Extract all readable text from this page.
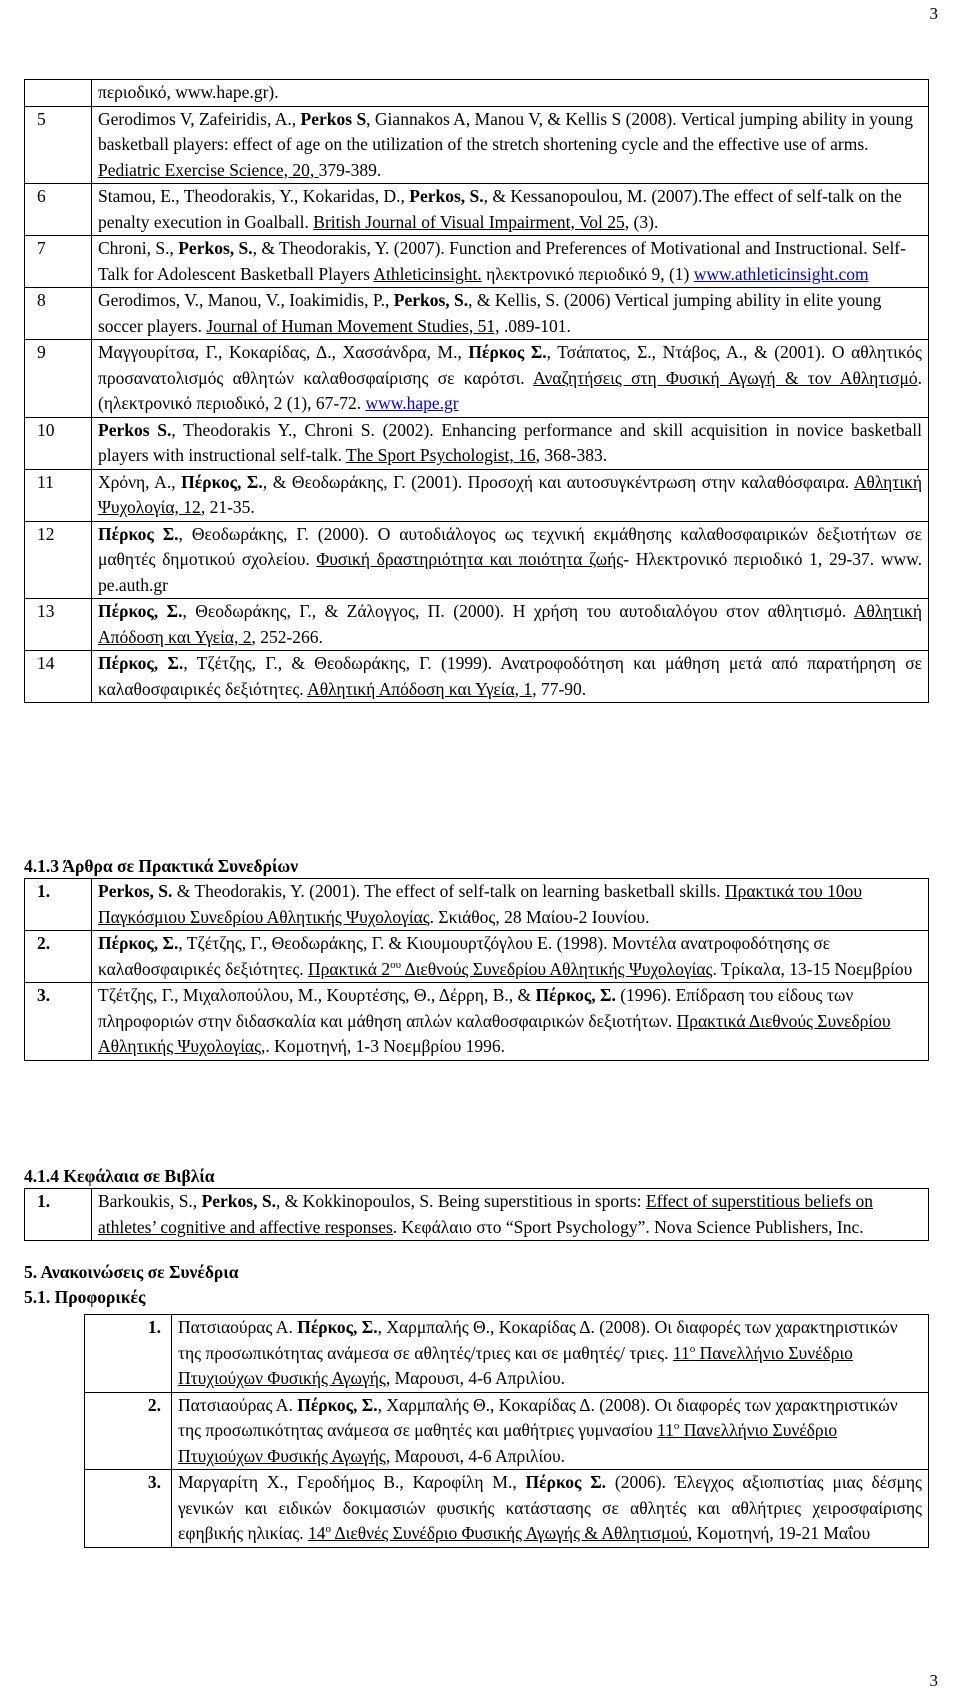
3
	περιοδικό, www.hape.gr).
5	Gerodimos V, Zafeiridis, A., Perkos S, Giannakos A, Manou V, & Kellis S (2008). Vertical jumping ability in young basketball players: effect of age on the utilization of the stretch shortening cycle and the effective use of arms. Pediatric Exercise Science, 20, 379-389.
6	Stamou, E., Theodorakis, Y., Kokaridas, D., Perkos, S., & Kessanopoulou, M. (2007).The effect of self-talk on the penalty execution in Goalball. British Journal of Visual Impairment, Vol 25, (3).
7	Chroni, S., Perkos, S., & Theodorakis, Y. (2007). Function and Preferences of Motivational and Instructional. Self-Talk for Adolescent Basketball Players Athleticinsight. ηλεκτρονικό περιοδικό 9, (1) www.athleticinsight.com
8	Gerodimos, V., Manou, V., Ioakimidis, P., Perkos, S., & Kellis, S. (2006) Vertical jumping ability in elite young soccer players. Journal of Human Movement Studies, 51, .089-101.
9	Μαγγουρίτσα, Γ., Κοκαρίδας, Δ., Χασσάνδρα, Μ., Πέρκος Σ., Τσάπατος, Σ., Ντάβος, Α., & (2001). Ο αθλητικός προσανατολισμός αθλητών καλαθοσφαίρισης σε καρότσι. Αναζητήσεις στη Φυσική Αγωγή & τον Αθλητισμό.(ηλεκτρονικό περιοδικό, 2 (1), 67-72. www.hape.gr
10	Perkos S., Theodorakis Y., Chroni S. (2002). Enhancing performance and skill acquisition in novice basketball players with instructional self-talk. The Sport Psychologist, 16, 368-383.
11	Χρόνη, Α., Πέρκος, Σ., & Θεοδωράκης, Γ. (2001). Προσοχή και αυτοσυγκέντρωση στην καλαθόσφαιρα. Αθλητική Ψυχολογία, 12, 21-35.
12	Πέρκος Σ., Θεοδωράκης, Γ. (2000). Ο αυτοδιάλογος ως τεχνική εκμάθησης καλαθοσφαιρικών δεξιοτήτων σε μαθητές δημοτικού σχολείου. Φυσική δραστηριότητα και ποιότητα ζωής- Ηλεκτρονικό περιοδικό 1, 29-37. www. pe.auth.gr
13	Πέρκος, Σ., Θεοδωράκης, Γ., & Ζάλογγος, Π. (2000). Η χρήση του αυτοδιαλόγου στον αθλητισμό. Αθλητική Απόδοση και Υγεία, 2, 252-266.
14	Πέρκος, Σ., Τζέτζης, Γ., & Θεοδωράκης, Γ. (1999). Ανατροφοδότηση και μάθηση μετά από παρατήρηση σε καλαθοσφαιρικές δεξιότητες. Αθλητική Απόδοση και Υγεία, 1, 77-90.
4.1.3 Άρθρα σε Πρακτικά Συνεδρίων
1.	Perkos, S. & Theodorakis, Y. (2001). The effect of self-talk on learning basketball skills. Πρακτικά του 10ου Παγκόσμιου Συνεδρίου Αθλητικής Ψυχολογίας. Σκιάθος, 28 Μαίου-2 Ιουνίου.
2.	Πέρκος, Σ., Τζέτζης, Γ., Θεοδωράκης, Γ. & Κιουμουρτζόγλου Ε. (1998). Μοντέλα ανατροφοδότησης σε καλαθοσφαιρικές δεξιότητες. Πρακτικά $2^{o\upsilon}$ Διεθνούς Συνεδρίου Αθλητικής Ψυχολογίας. Τρίκαλα, 13-15 Νοεμβρίου
3.	Τζέτζης, Γ., Μιχαλοπούλου, Μ., Κουρτέσης, Θ., Δέρρη, Β., & Πέρκος, Σ. (1996). Επίδραση του είδους των πληροφοριών στην διδασκαλία και μάθηση απλών καλαθοσφαιρικών δεξιοτήτων. Πρακτικά Διεθνούς Συνεδρίου Αθλητικής Ψυχολογίας,. Κομοτηνή, 1-3 Νοεμβρίου 1996.
4.1.4 Κεφάλαια σε Βιβλία
1.	Barkoukis, S., Perkos, S., & Kokkinopoulos, S. Being superstitious in sports: Effect of superstitious beliefs on athletes’ cognitive and affective responses. Κεφάλαιο στο “Sport Psychology”. Nova Science Publishers, Inc.
5. Ανακοινώσεις σε Συνέδρια
5.1. Προφορικές
1.	Πατσιαούρας Α. Πέρκος, Σ., Χαρμπαλής Θ., Κοκαρίδας Δ. (2008). Οι διαφορές των χαρακτηριστικών της προσωπικότητας ανάμεσα σε αθλητές/τριες και σε μαθητές/ τριες. $11^o$ Πανελλήνιο Συνέδριο Πτυχιούχων Φυσικής Αγωγής, Μαρουσι, 4-6 Απριλίου.
2.	Πατσιαούρας Α. Πέρκος, Σ., Χαρμπαλής Θ., Κοκαρίδας Δ. (2008). Οι διαφορές των χαρακτηριστικών της προσωπικότητας ανάμεσα σε μαθητές και μαθήτριες γυμνασίου $11^o$ Πανελλήνιο Συνέδριο Πτυχιούχων Φυσικής Αγωγής, Μαρουσι, 4-6 Απριλίου.
3.	Μαργαρίτη Χ., Γεροδήμος Β., Καροφίλη Μ., Πέρκος Σ. (2006). Έλεγχος αξιοπιστίας μιας δέσμης γενικών και ειδικών δοκιμασιών φυσικής κατάστασης σε αθλητές και αθλήτριες χειροσφαίρισης εφηβικής ηλικίας. $14^o$ Διεθνές Συνέδριο Φυσικής Αγωγής & Αθλητισμού, Κομοτηνή, 19-21 Μαΐου
3
